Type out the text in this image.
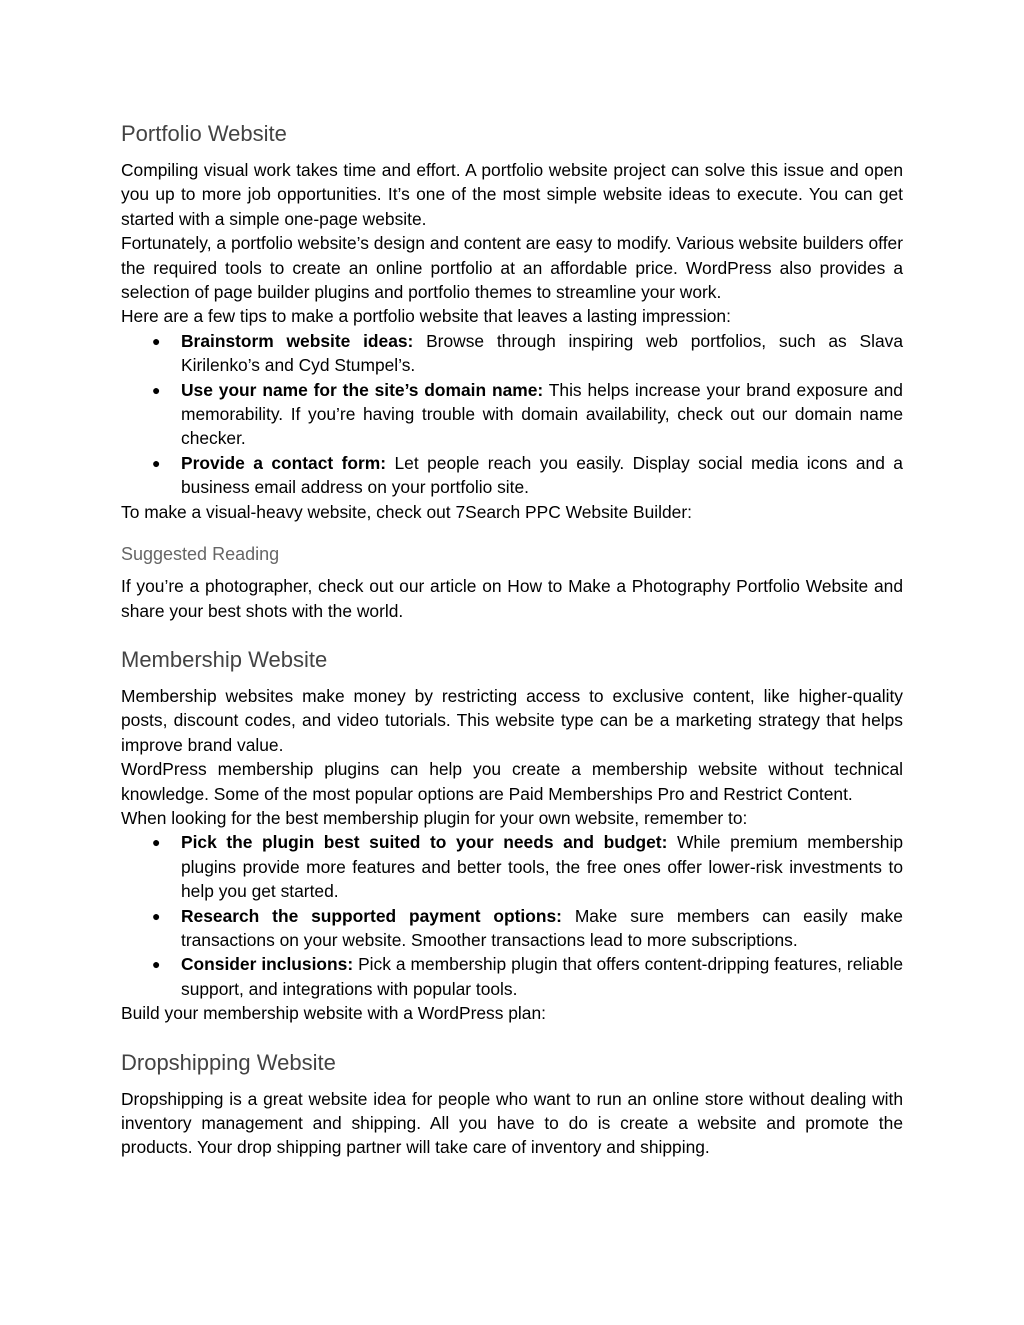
Portfolio Website

Compiling visual work takes time and effort. A portfolio website project can solve this issue and open you up to more job opportunities. It’s one of the most simple website ideas to execute. You can get started with a simple one-page website.

Fortunately, a portfolio website’s design and content are easy to modify. Various website builders offer the required tools to create an online portfolio at an affordable price. WordPress also provides a selection of page builder plugins and portfolio themes to streamline your work.

Here are a few tips to make a portfolio website that leaves a lasting impression:

● Brainstorm website ideas: Browse through inspiring web portfolios, such as Slava Kirilenko’s and Cyd Stumpel’s.
● Use your name for the site’s domain name: This helps increase your brand exposure and memorability. If you’re having trouble with domain availability, check out our domain name checker.
● Provide a contact form: Let people reach you easily. Display social media icons and a business email address on your portfolio site.

To make a visual-heavy website, check out 7Search PPC Website Builder:

Suggested Reading

If you’re a photographer, check out our article on How to Make a Photography Portfolio Website and share your best shots with the world.

Membership Website

Membership websites make money by restricting access to exclusive content, like higher-quality posts, discount codes, and video tutorials. This website type can be a marketing strategy that helps improve brand value.

WordPress membership plugins can help you create a membership website without technical knowledge. Some of the most popular options are Paid Memberships Pro and Restrict Content.

When looking for the best membership plugin for your own website, remember to:

● Pick the plugin best suited to your needs and budget: While premium membership plugins provide more features and better tools, the free ones offer lower-risk investments to help you get started.
● Research the supported payment options: Make sure members can easily make transactions on your website. Smoother transactions lead to more subscriptions.
● Consider inclusions: Pick a membership plugin that offers content-dripping features, reliable support, and integrations with popular tools.

Build your membership website with a WordPress plan:

Dropshipping Website

Dropshipping is a great website idea for people who want to run an online store without dealing with inventory management and shipping. All you have to do is create a website and promote the products. Your drop shipping partner will take care of inventory and shipping.
